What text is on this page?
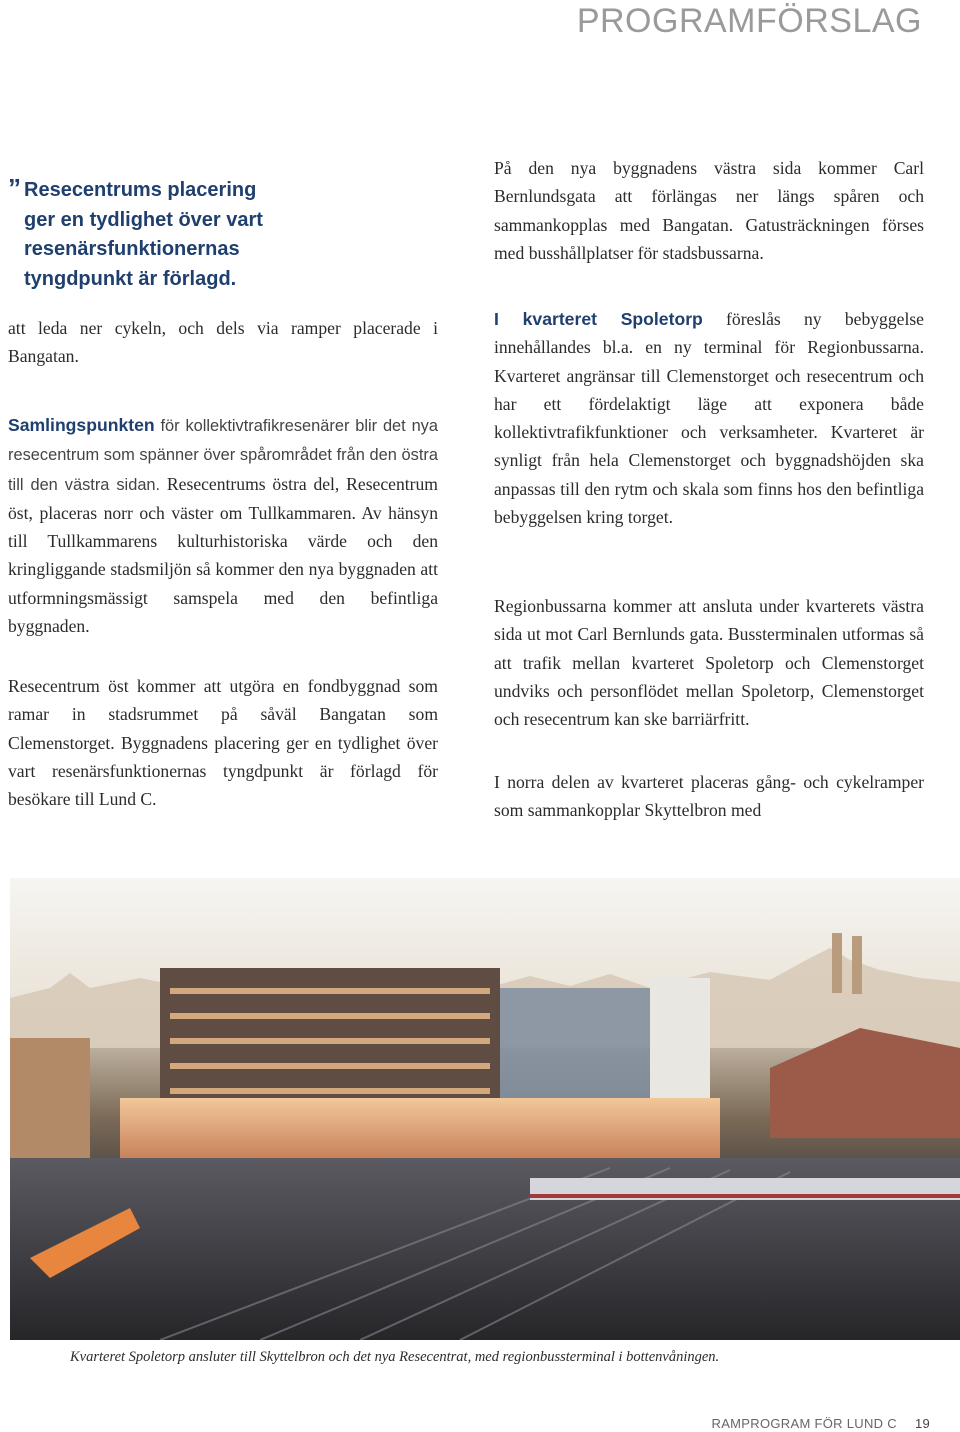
PROGRAMFÖRSLAG
” Resecentrums placering
ger en tydlighet över vart
resenärsfunktionernas
tyngdpunkt är förlagd.
att leda ner cykeln, och dels via ramper placerade i Bangatan.
Samlingspunkten för kollektivtrafikresenärer blir det nya resecentrum som spänner över spårområdet från den östra till den västra sidan. Resecentrums östra del, Resecentrum öst, placeras norr och väster om Tullkammaren. Av hänsyn till Tullkammarens kulturhistoriska värde och den kringliggande stadsmiljön så kommer den nya byggnaden att utformningsmässigt samspela med den befintliga byggnaden.
Resecentrum öst kommer att utgöra en fondbyggnad som ramar in stadsrummet på såväl Bangatan som Clemenstorget. Byggnadens placering ger en tydlighet över vart resenärsfunktionernas tyngdpunkt är förlagd för besökare till Lund C.
På den nya byggnadens västra sida kommer Carl Bernlundsgata att förlängas ner längs spåren och sammankopplas med Bangatan. Gatusträckningen förses med busshållplatser för stadsbussarna.
I kvarteret Spoletorp föreslås ny bebyggelse innehållandes bl.a. en ny terminal för Regionbussarna. Kvarteret angränsar till Clemenstorget och resecentrum och har ett fördelaktigt läge att exponera både kollektivtrafikfunktioner och verksamheter. Kvarteret är synligt från hela Clemenstorget och byggnadshöjden ska anpassas till den rytm och skala som finns hos den befintliga bebyggelsen kring torget.
Regionbussarna kommer att ansluta under kvarterets västra sida ut mot Carl Bernlunds gata. Bussterminalen utformas så att trafik mellan kvarteret Spoletorp och Clemenstorget undviks och personflödet mellan Spoletorp, Clemenstorget och resecentrum kan ske barriärfritt.
I norra delen av kvarteret placeras gång- och cykelramper som sammankopplar Skyttelbron med
Kvarteret Spoletorp ansluter till Skyttelbron och det nya Resecentrat, med regionbussterminal i bottenvåningen.
RAMPROGRAM FÖR LUND C 19
